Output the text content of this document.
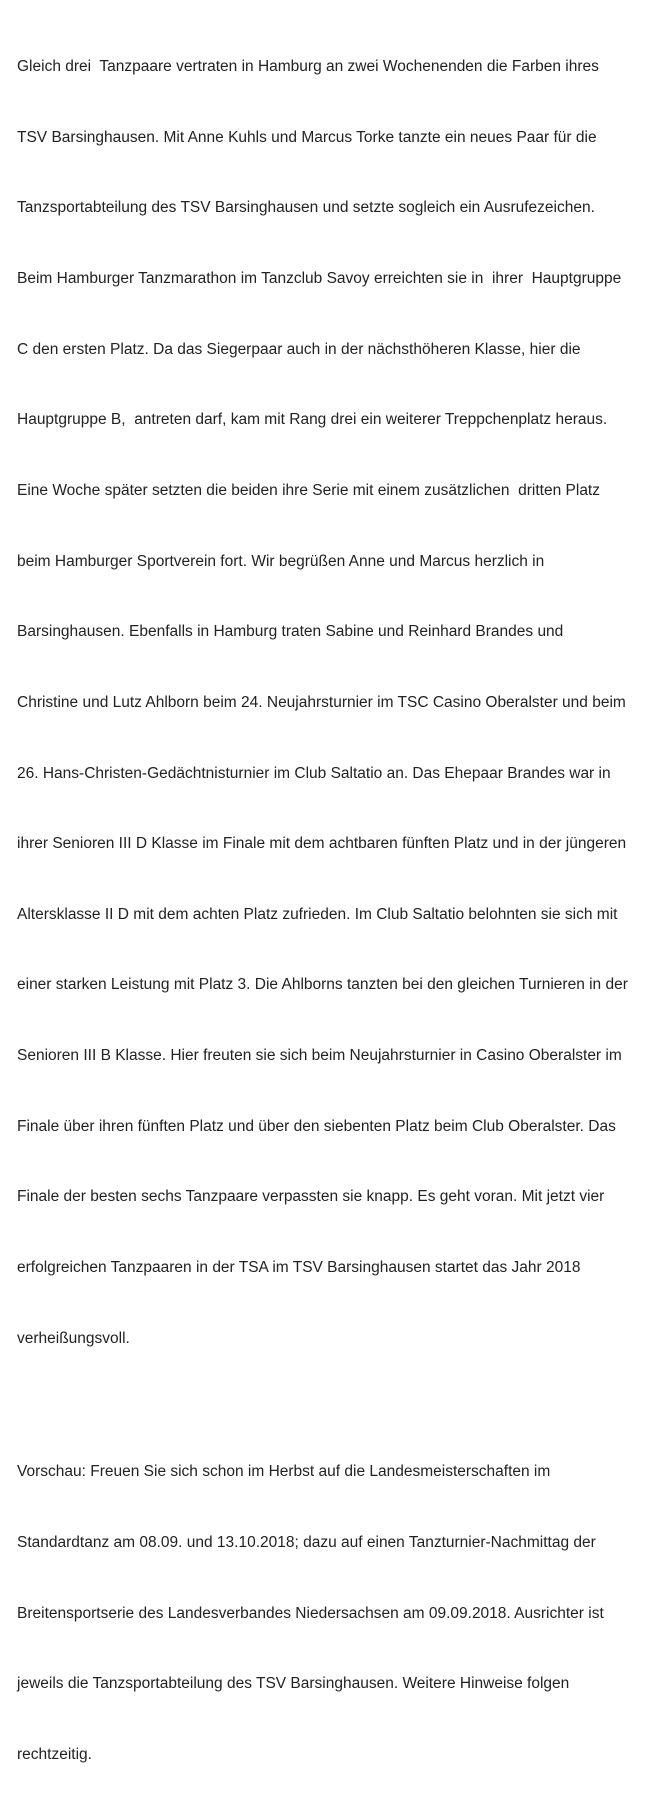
Gleich drei  Tanzpaare vertraten in Hamburg an zwei Wochenenden die Farben ihres

TSV Barsinghausen. Mit Anne Kuhls und Marcus Torke tanzte ein neues Paar für die

Tanzsportabteilung des TSV Barsinghausen und setzte sogleich ein Ausrufezeichen.

Beim Hamburger Tanzmarathon im Tanzclub Savoy erreichten sie in  ihrer  Hauptgruppe

C den ersten Platz. Da das Siegerpaar auch in der nächsthöheren Klasse, hier die

Hauptgruppe B,  antreten darf, kam mit Rang drei ein weiterer Treppchenplatz heraus.

Eine Woche später setzten die beiden ihre Serie mit einem zusätzlichen  dritten Platz

beim Hamburger Sportverein fort. Wir begrüßen Anne und Marcus herzlich in

Barsinghausen. Ebenfalls in Hamburg traten Sabine und Reinhard Brandes und

Christine und Lutz Ahlborn beim 24. Neujahrsturnier im TSC Casino Oberalster und beim

26. Hans-Christen-Gedächtnisturnier im Club Saltatio an. Das Ehepaar Brandes war in

ihrer Senioren III D Klasse im Finale mit dem achtbaren fünften Platz und in der jüngeren

Altersklasse II D mit dem achten Platz zufrieden. Im Club Saltatio belohnten sie sich mit

einer starken Leistung mit Platz 3. Die Ahlborns tanzten bei den gleichen Turnieren in der

Senioren III B Klasse. Hier freuten sie sich beim Neujahrsturnier in Casino Oberalster im

Finale über ihren fünften Platz und über den siebenten Platz beim Club Oberalster. Das

Finale der besten sechs Tanzpaare verpassten sie knapp. Es geht voran. Mit jetzt vier

erfolgreichen Tanzpaaren in der TSA im TSV Barsinghausen startet das Jahr 2018

verheißungsvoll.

Vorschau: Freuen Sie sich schon im Herbst auf die Landesmeisterschaften im

Standardtanz am 08.09. und 13.10.2018; dazu auf einen Tanzturnier-Nachmittag der

Breitensportserie des Landesverbandes Niedersachsen am 09.09.2018. Ausrichter ist

jeweils die Tanzsportabteilung des TSV Barsinghausen. Weitere Hinweise folgen

rechtzeitig.
